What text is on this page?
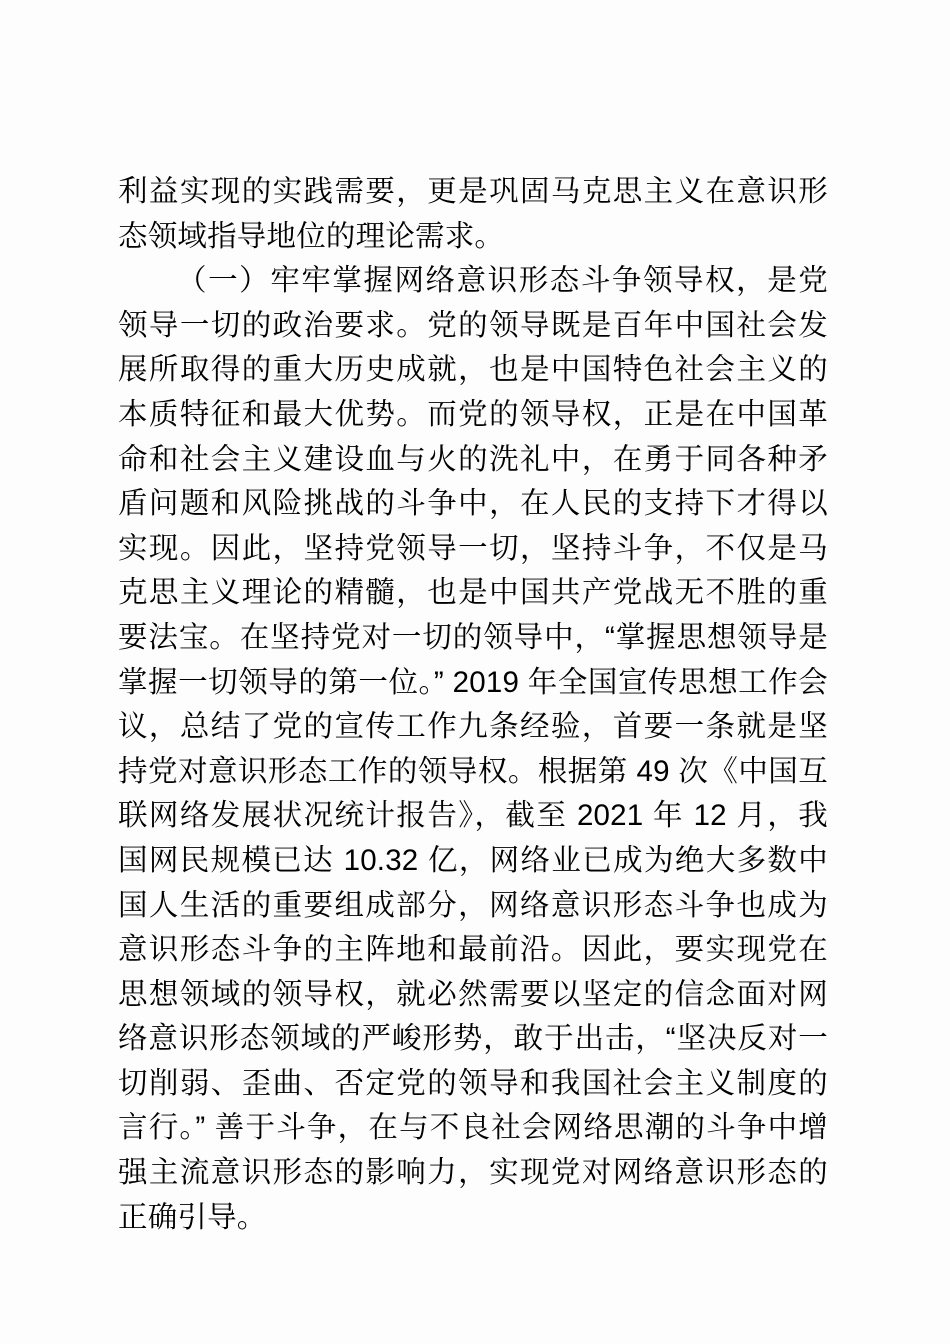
利益实现的实践需要，更是巩固马克思主义在意识形态领域指导地位的理论需求。

（一）牢牢掌握网络意识形态斗争领导权，是党领导一切的政治要求。党的领导既是百年中国社会发展所取得的重大历史成就，也是中国特色社会主义的本质特征和最大优势。而党的领导权，正是在中国革命和社会主义建设血与火的洗礼中，在勇于同各种矛盾问题和风险挑战的斗争中，在人民的支持下才得以实现。因此，坚持党领导一切，坚持斗争，不仅是马克思主义理论的精髓，也是中国共产党战无不胜的重要法宝。在坚持党对一切的领导中，“掌握思想领导是掌握一切领导的第一位。” 2019 年全国宣传思想工作会议，总结了党的宣传工作九条经验，首要一条就是坚持党对意识形态工作的领导权。根据第 49 次《中国互联网络发展状况统计报告》，截至 2021 年 12 月，我国网民规模已达 10.32 亿，网络业已成为绝大多数中国人生活的重要组成部分，网络意识形态斗争也成为意识形态斗争的主阵地和最前沿。因此，要实现党在思想领域的领导权，就必然需要以坚定的信念面对网络意识形态领域的严峻形势，敢于出击，“坚决反对一切削弱、歪曲、否定党的领导和我国社会主义制度的言行。” 善于斗争，在与不良社会网络思潮的斗争中增强主流意识形态的影响力，实现党对网络意识形态的正确引导。
